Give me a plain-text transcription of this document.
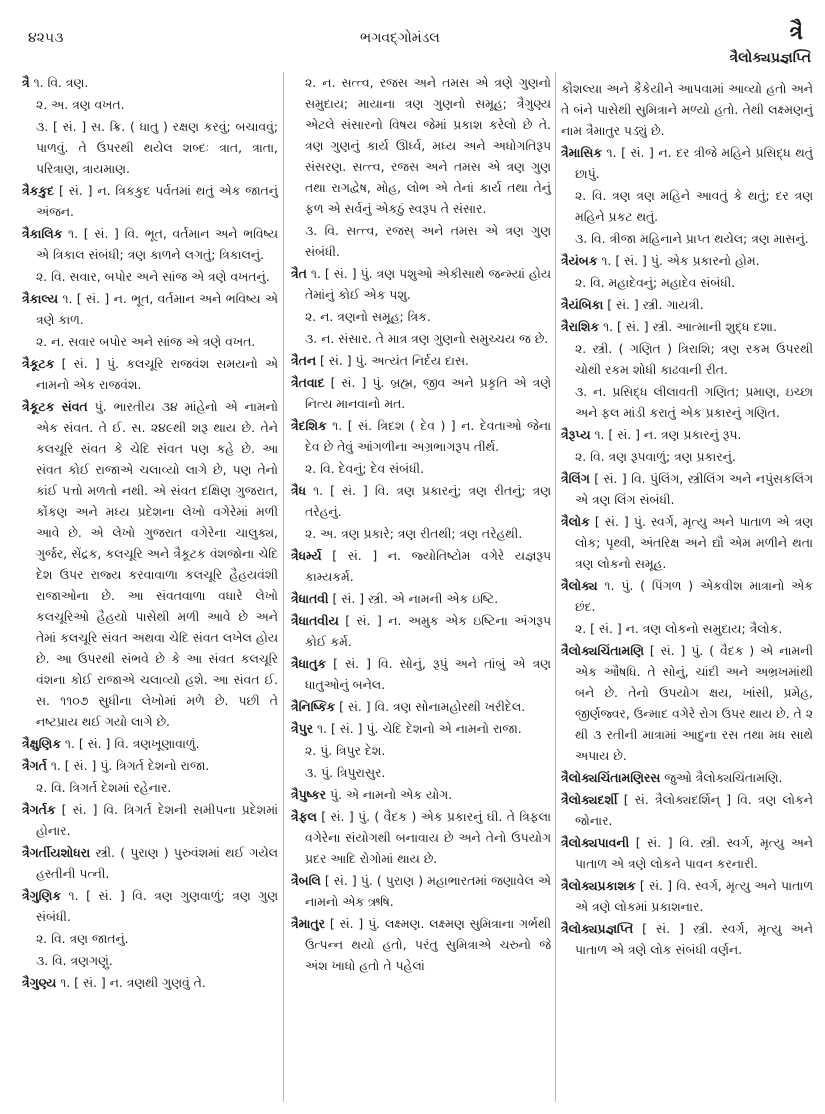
૪૨૫૩	ભગવદ્ગોમંડલ	ત્રૈ
ત્રૈલોક્યપ્રજ્ઞપ્તિ

ત્રૈ ૧. વિ. ત્રણ.

૨. અ. ત્રણ વખત.

૩. [ સં. ] સ. ક્રિ. ( ધાતુ ) રક્ષણ કરવું; બચાવવું; પાળવું. તે ઉપરથી થયેલ શબ્દઃ ત્રાત, ત્રાતા, પરિત્રાણ, ત્રાયમાણ.

ત્રૈકકુદ [ સં. ] ન. ત્રિકકુદ પર્વતમાં થતું એક જાતનું અંજન.

ત્રૈકાલિક ૧. [ સં. ] વિ. ભૂત, વર્તમાન અને ભવિષ્ય એ ત્રિકાલ સંબંધી; ત્રણ કાળને લગતું; ત્રિકાલનું.

૨. વિ. સવાર, બપોર અને સાંજ એ ત્રણે વખતનું.

ત્રૈકાલ્ય ૧. [ સં. ] ન. ભૂત, વર્તમાન અને ભવિષ્ય એ ત્રણે કાળ.

૨. ન. સવાર બપોર અને સાંજ એ ત્રણે વખત.

ત્રૈકૂટક [ સં. ] પું. કલચૂરિ રાજવંશ સમયનો એ નામનો એક રાજવંશ.

ત્રૈકૂટક સંવત પું. ભારતીય ૩૪ માંહેનો એ નામનો એક સંવત. તે ઈ. સ. ૨૪૯થી શરૂ થાય છે. તેને કલચૂરિ સંવત કે ચેદિ સંવત પણ કહે છે. આ સંવત કોઈ રાજાએ ચલાવ્યો લાગે છે, પણ તેનો કાંઈ પત્તો મળતો નથી. એ સંવત દક્ષિણ ગુજરાત, કોંકણ અને મધ્ય પ્રદેશના લેખો વગેરેમાં મળી આવે છે. એ લેખો ગુજરાત વગેરેના ચાલુક્ય, ગુર્જર, સેંદ્રક, કલચૂરિ અને ત્રૈકૂટક વંશજોના ચેદિ દેશ ઉપર રાજ્ય કરવાવાળા કલચૂરિ હૈહયવંશી રાજાઓના છે. આ સંવતવાળા વધારે લેખો કલચૂરિઓ હૈહયો પાસેથી મળી આવે છે અને તેમાં કલચૂરિ સંવત અથવા ચેદિ સંવત લખેલ હોય છે. આ ઉપરથી સંભવે છે કે આ સંવત કલચૂરિ વંશના કોઈ રાજાએ ચલાવ્યો હશે. આ સંવત ઈ. સ. ૧૧૦૭ સુધીના લેખોમાં મળે છે. પછી તે નષ્ટપ્રાય થઈ ગયો લાગે છે.

ત્રૈક્ષુણિક ૧. [ સં. ] વિ. ત્રણખૂણાવાળું.

ત્રૈગર્ત ૧. [ સં. ] પું. ત્રિગર્ત દેશનો રાજા.

૨. વિ. ત્રિગર્ત દેશમાં રહેનાર.

ત્રૈગર્તક [ સં. ] વિ. ત્રિગર્ત દેશની સમીપના પ્રદેશમાં હોનાર.

ત્રૈગર્તીયશોધરા સ્ત્રી. ( પુરાણ ) પુરુવંશમાં થઈ ગયેલ હસ્તીની પત્ની.

ત્રૈગુણિક ૧. [ સં. ] વિ. ત્રણ ગુણવાળું; ત્રણ ગુણ સંબંધી.

૨. વિ. ત્રણ જાતનું.

૩. વિ. ત્રણગણું.

ત્રૈગુણ્ય ૧. [ સં. ] ન. ત્રણથી ગુણવું તે.

૨. ન. સત્ત્વ, રજસ અને તમસ એ ત્રણે ગુણનો સમુદાય; માયાના ત્રણ ગુણનો સમૂહ; ત્રૈગુણ્ય એટલે સંસારનો વિષય જેમાં પ્રકાશ કરેલો છે તે. ત્રણ ગુણનું કાર્ય ઊર્ધ્વ, મધ્ય અને અધોગતિરૂપ સંસરણ. સત્ત્વ, રજસ અને તમસ એ ત્રણ ગુણ તથા રાગદ્વેષ, મોહ, લોભ એ તેનાં કાર્ય તથા તેનું ફળ એ સર્વનું એકઠું સ્વરૂપ તે સંસાર.

૩. વિ. સત્ત્વ, રજસ્ અને તમસ એ ત્રણ ગુણ સંબંધી.

ત્રૈત ૧. [ સં. ] પું. ત્રણ પશુઓ એકીસાથે જન્મ્યાં હોય તેમાંનું કોઈ એક પશુ.

૨. ન. ત્રણનો સમૂહ; ત્રિક.

૩. ન. સંસાર. તે માત્ર ત્રણ ગુણનો સમુચ્ચય જ છે.

ત્રૈતન [ સં. ] પું. અત્યંત નિર્દય દાસ.

ત્રૈતવાદ [ સં. ] પું. બ્રહ્મ, જીવ અને પ્રકૃતિ એ ત્રણે નિત્ય માનવાનો મત.

ત્રૈદશિક ૧. [ સં. ત્રિદશ ( દેવ ) ] ન. દેવતાઓ જેના દેવ છે તેવું આંગળીના અગ્રભાગરૂપ તીર્થ.

૨. વિ. દેવનું; દેવ સંબંધી.

ત્રૈધ ૧. [ સં. ] વિ. ત્રણ પ્રકારનું; ત્રણ રીતનું; ત્રણ તરેહનું.

૨. અ. ત્રણ પ્રકારે; ત્રણ રીતથી; ત્રણ તરેહથી.

ત્રૈધર્મ્ય [ સં. ] ન. જ્યોતિષ્ટોમ વગેરે યજ્ઞરૂપ કામ્યકર્મ.

ત્રૈધાતવી [ સં. ] સ્ત્રી. એ નામની એક ઇષ્ટિ.

ત્રૈધાતવીય [ સં. ] ન. અમુક એક ઇષ્ટિના અંગરૂપ કોઈ કર્મ.

ત્રૈધાતુક [ સં. ] વિ. સોનું, રૂપું અને તાંબું એ ત્રણ ધાતુઓનું બનેલ.

ત્રૈનિષ્કિક [ સં. ] વિ. ત્રણ સોનામહોરથી ખરીદેલ.

ત્રૈપુર ૧. [ સં. ] પું. ચેદિ દેશનો એ નામનો રાજા.

૨. પું. ત્રિપુર દેશ.

૩. પું. ત્રિપુરાસુર.

ત્રૈપુષ્કર પું. એ નામનો એક યોગ.

ત્રૈફલ [ સં. ] પું. ( વૈદક ) એક પ્રકારનું ઘી. તે ત્રિફલા વગેરેના સંયોગથી બનાવાય છે અને તેનો ઉપયોગ પ્રદર આદિ રોગોમાં થાય છે.

ત્રૈબલિ [ સં. ] પું. ( પુરાણ ) મહાભારતમાં જણાવેલ એ નામનો એક ઋષિ.

ત્રૈમાતુર [ સં. ] પું. લક્ષ્મણ. લક્ષ્મણ સુમિત્રાના ગર્ભથી ઉત્પન્ન થયો હતો, પરંતુ સુમિત્રાએ ચરુનો જે અંશ ખાધો હતો તે પહેલાં

કૌશલ્યા અને કૈકેયીને આપવામાં આવ્યો હતો અને તે બંને પાસેથી સુમિત્રાને મળ્યો હતો. તેથી લક્ષ્મણનું નામ ત્રૈમાતુર પડ્યું છે.

ત્રૈમાસિક ૧. [ સં. ] ન. દર ત્રીજે મહિને પ્રસિદ્ધ થતું છાપું.

૨. વિ. ત્રણ ત્રણ મહિને આવતું કે થતું; દર ત્રણ મહિને પ્રકટ થતું.

૩. વિ. ત્રીજા મહિનાને પ્રાપ્ત થયેલ; ત્રણ માસનું.

ત્રૈયંબક ૧. [ સં. ] પું. એક પ્રકારનો હોમ.

૨. વિ. મહાદેવનું; મહાદેવ સંબંધી.

ત્રૈયંબિકા [ સં. ] સ્ત્રી. ગાયત્રી.

ત્રૈરાશિક ૧. [ સં. ] સ્ત્રી. આત્માની શુદ્ધ દશા.

૨. સ્ત્રી. ( ગણિત ) ત્રિરાશિ; ત્રણ રકમ ઉપરથી ચોથી રકમ શોધી કાઢવાની રીત.

૩. ન. પ્રસિદ્ધ લીલાવતી ગણિત; પ્રમાણ, ઇચ્છા અને ફલ માંડી કરાતું એક પ્રકારનું ગણિત.

ત્રૈરૂપ્ય ૧. [ સં. ] ન. ત્રણ પ્રકારનું રૂપ.

૨. વિ. ત્રણ રૂપવાળું; ત્રણ પ્રકારનું.

ત્રૈલિંગ [ સં. ] વિ. પુંલિંગ, સ્ત્રીલિંગ અને નપુંસકલિંગ એ ત્રણ લિંગ સંબંધી.

ત્રૈલોક [ સં. ] પું. સ્વર્ગ, મૃત્યુ અને પાતાળ એ ત્રણ લોક; પૃથ્વી, અંતરિક્ષ અને દ્યૌ એમ મળીને થતા ત્રણ લોકનો સમૂહ.

ત્રૈલોક્ય ૧. પું. ( પિંગળ ) એકવીશ માત્રાનો એક છંદ.

૨. [ સં. ] ન. ત્રણ લોકનો સમુદાય; ત્રૈલોક.

ત્રૈલોક્યચિંતામણિ [ સં. ] પું. ( વૈદક ) એ નામની એક ઔષધિ. તે સોનું, ચાંદી અને અભ્રખમાંથી બને છે. તેનો ઉપયોગ ક્ષય, ખાંસી, પ્રમેહ, જીર્ણજ્વર, ઉન્માદ વગેરે રોગ ઉપર થાય છે. તે ૨ થી ૩ રતીની માત્રામાં આદુના રસ તથા મધ સાથે અપાય છે.

ત્રૈલોક્યચિંતામણિરસ જુઓ ત્રૈલોક્યચિંતામણિ.

ત્રૈલોક્યદર્શી [ સં. ત્રૈલોક્યદર્શિન્ ] વિ. ત્રણ લોકને જોનાર.

ત્રૈલોક્યપાવની [ સં. ] વિ. સ્ત્રી. સ્વર્ગ, મૃત્યુ અને પાતાળ એ ત્રણે લોકને પાવન કરનારી.

ત્રૈલોક્યપ્રકાશક [ સં. ] વિ. સ્વર્ગ, મૃત્યુ અને પાતાળ એ ત્રણે લોકમાં પ્રકાશનાર.

ત્રૈલોક્યપ્રજ્ઞપ્તિ [ સં. ] સ્ત્રી. સ્વર્ગ, મૃત્યુ અને પાતાળ એ ત્રણે લોક સંબંધી વર્ણન.
